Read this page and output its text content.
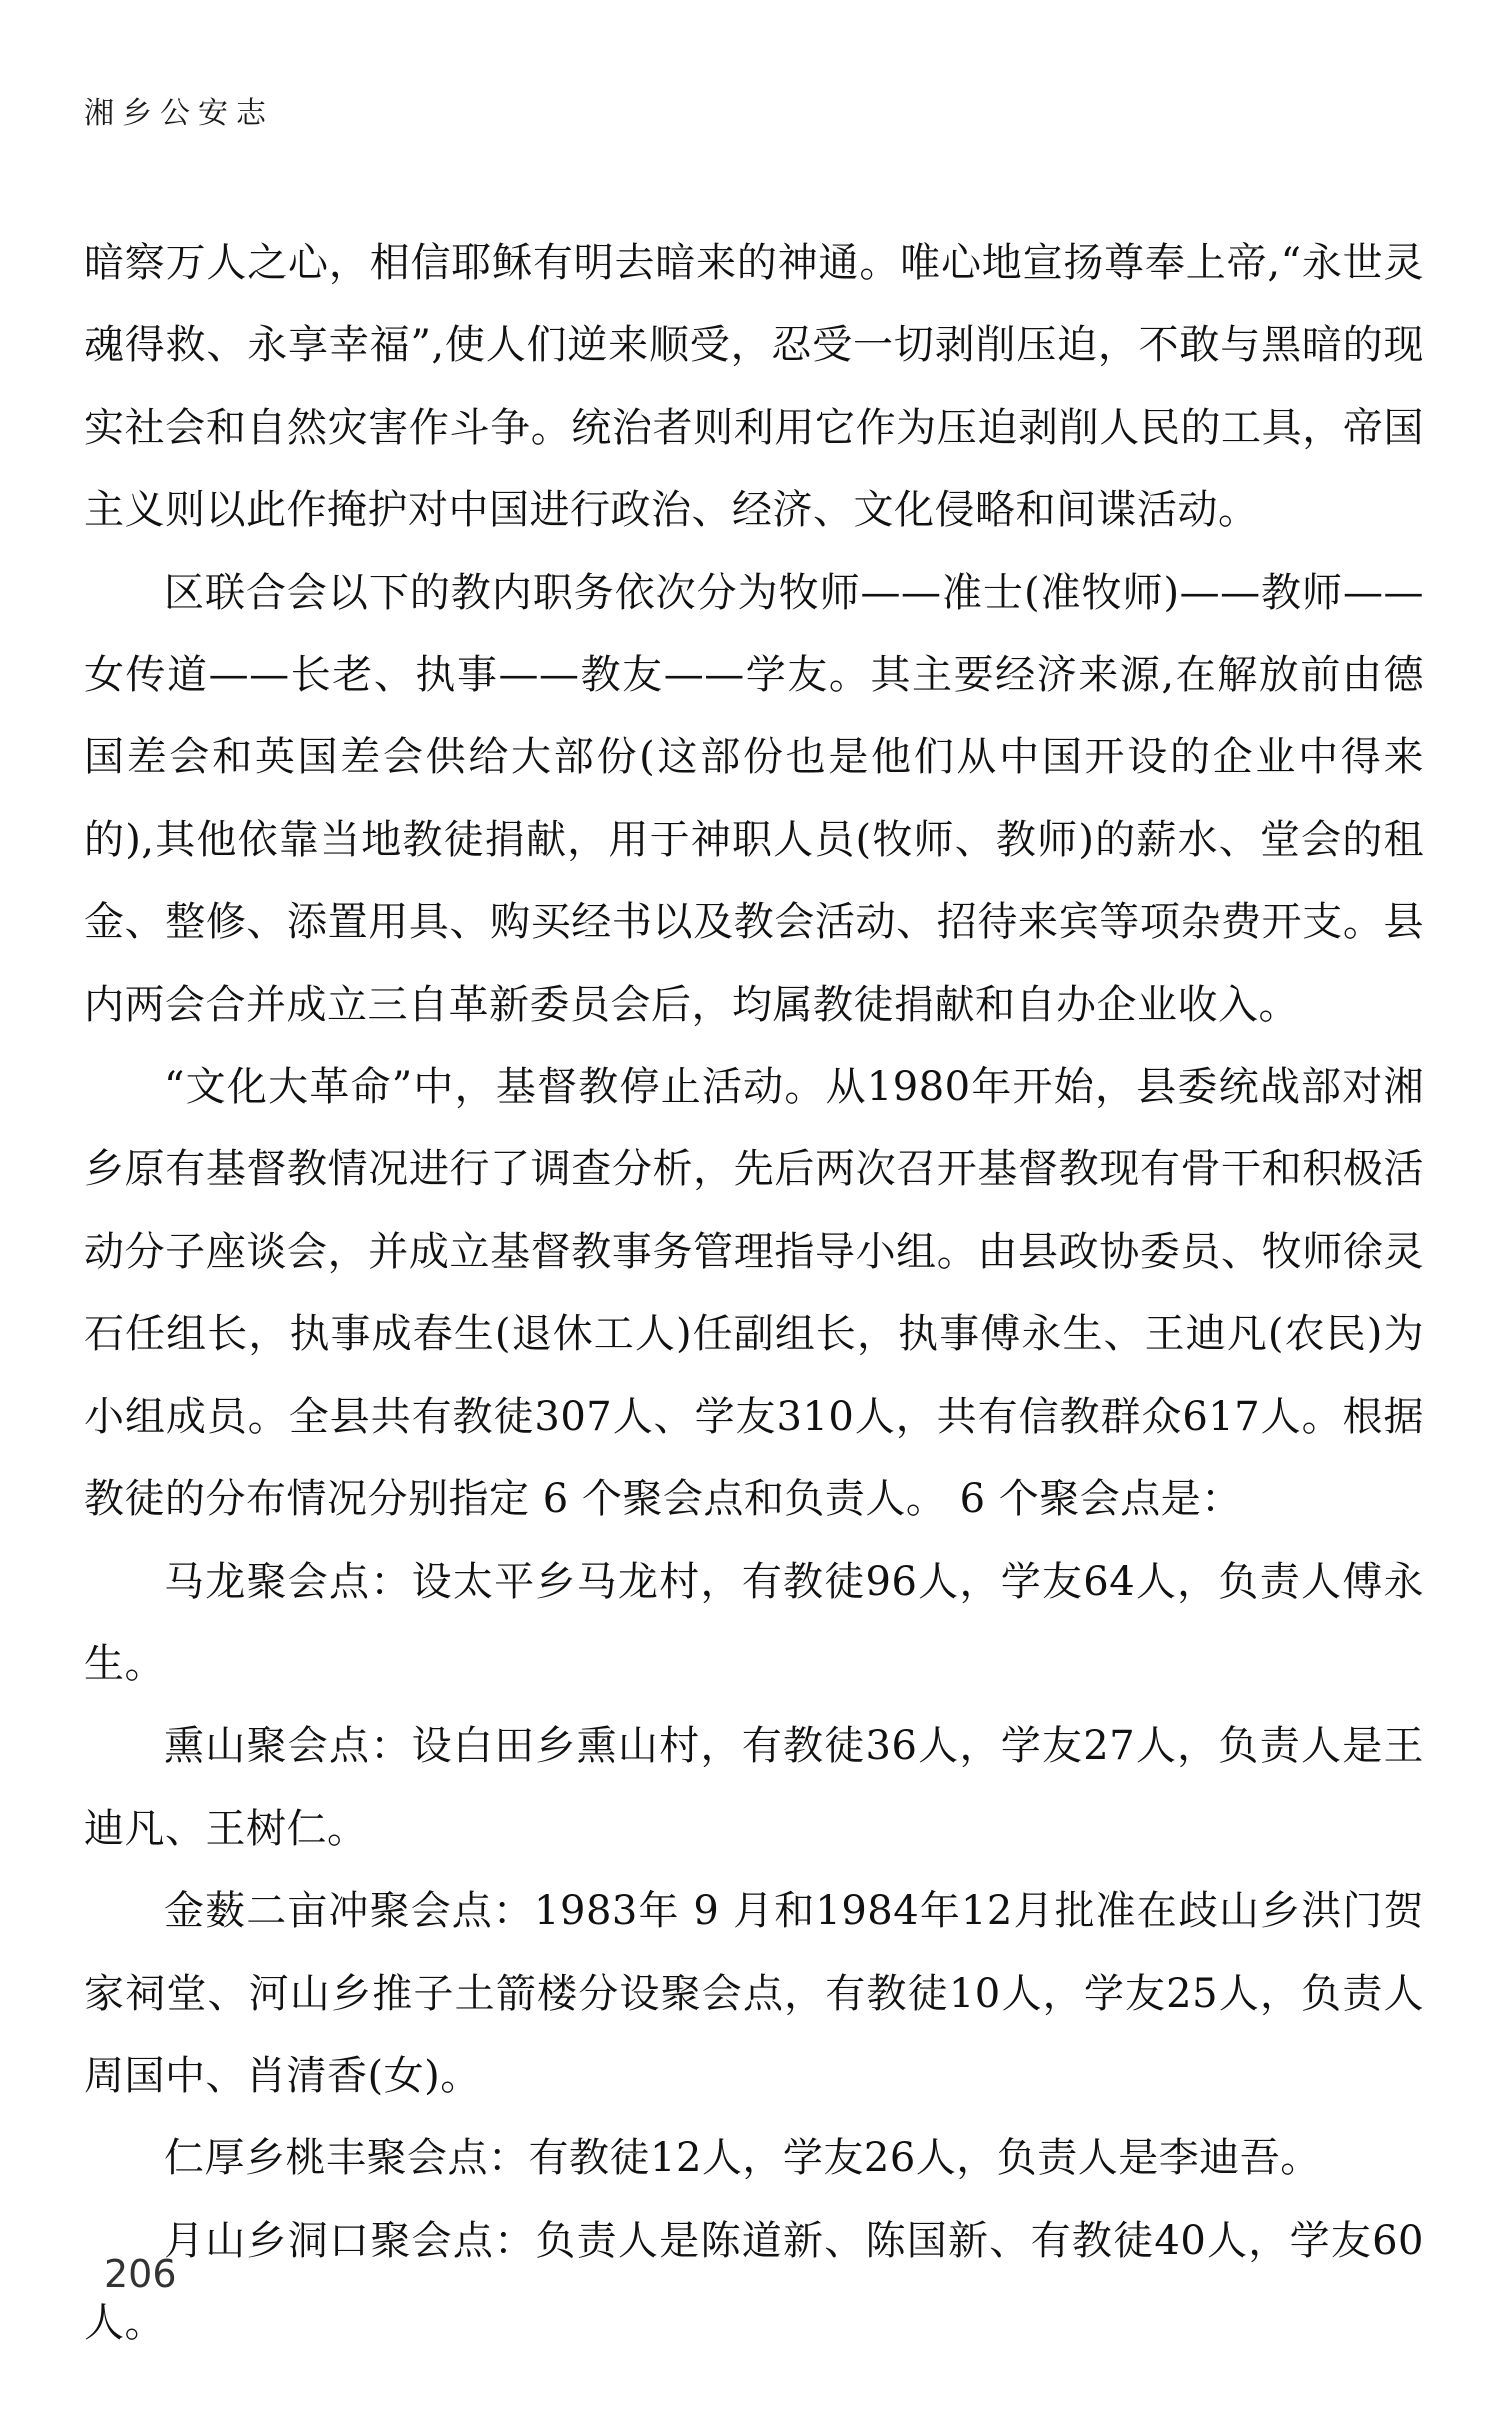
湘乡公安志

暗察万人之心，相信耶稣有明去暗来的神通。唯心地宣扬尊奉上帝,“永世灵魂得救、永享幸福”,使人们逆来顺受，忍受一切剥削压迫，不敢与黑暗的现实社会和自然灾害作斗争。统治者则利用它作为压迫剥削人民的工具，帝国主义则以此作掩护对中国进行政治、经济、文化侵略和间谍活动。

区联合会以下的教内职务依次分为牧师——准士(准牧师)——教师——女传道——长老、执事——教友——学友。其主要经济来源,在解放前由德国差会和英国差会供给大部份(这部份也是他们从中国开设的企业中得来的),其他依靠当地教徒捐献，用于神职人员(牧师、教师)的薪水、堂会的租金、整修、添置用具、购买经书以及教会活动、招待来宾等项杂费开支。县内两会合并成立三自革新委员会后，均属教徒捐献和自办企业收入。

“文化大革命”中，基督教停止活动。从1980年开始，县委统战部对湘乡原有基督教情况进行了调查分析，先后两次召开基督教现有骨干和积极活动分子座谈会，并成立基督教事务管理指导小组。由县政协委员、牧师徐灵石任组长，执事成春生(退休工人)任副组长，执事傅永生、王迪凡(农民)为小组成员。全县共有教徒307人、学友310人，共有信教群众617人。根据教徒的分布情况分别指定 6 个聚会点和负责人。 6 个聚会点是：

马龙聚会点：设太平乡马龙村，有教徒96人，学友64人，负责人傅永生。

熏山聚会点：设白田乡熏山村，有教徒36人，学友27人，负责人是王迪凡、王树仁。

金薮二亩冲聚会点：1983年 9 月和1984年12月批准在歧山乡洪门贺家祠堂、河山乡推子土箭楼分设聚会点，有教徒10人，学友25人，负责人周国中、肖清香(女)。

仁厚乡桃丰聚会点：有教徒12人，学友26人，负责人是李迪吾。

月山乡洞口聚会点：负责人是陈道新、陈国新、有教徒40人，学友60人。

206
